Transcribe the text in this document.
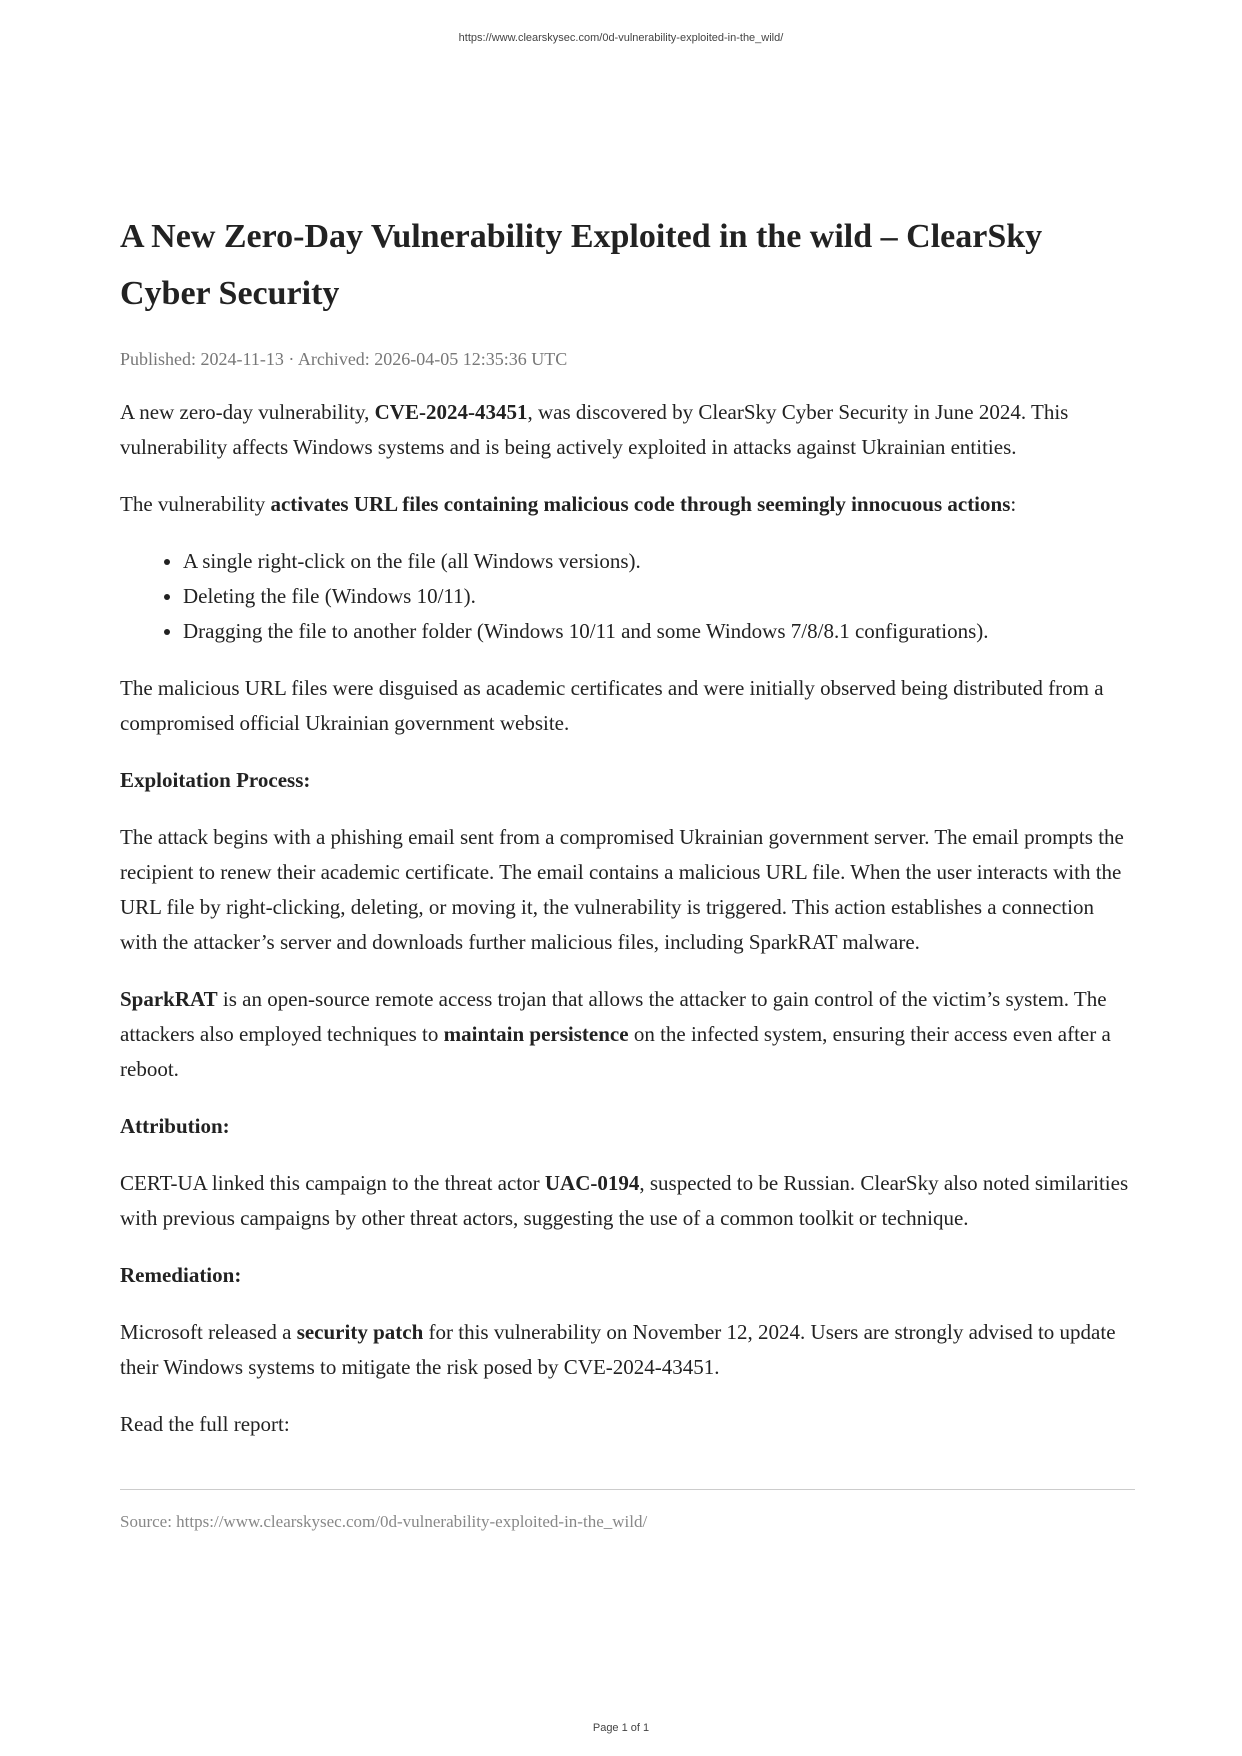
https://www.clearskysec.com/0d-vulnerability-exploited-in-the_wild/
A New Zero-Day Vulnerability Exploited in the wild – ClearSky Cyber Security
Published: 2024-11-13 · Archived: 2026-04-05 12:35:36 UTC

A new zero-day vulnerability, CVE-2024-43451, was discovered by ClearSky Cyber Security in June 2024. This vulnerability affects Windows systems and is being actively exploited in attacks against Ukrainian entities.

The vulnerability activates URL files containing malicious code through seemingly innocuous actions:

• A single right-click on the file (all Windows versions).
• Deleting the file (Windows 10/11).
• Dragging the file to another folder (Windows 10/11 and some Windows 7/8/8.1 configurations).

The malicious URL files were disguised as academic certificates and were initially observed being distributed from a compromised official Ukrainian government website.

Exploitation Process:

The attack begins with a phishing email sent from a compromised Ukrainian government server. The email prompts the recipient to renew their academic certificate. The email contains a malicious URL file. When the user interacts with the URL file by right-clicking, deleting, or moving it, the vulnerability is triggered. This action establishes a connection with the attacker’s server and downloads further malicious files, including SparkRAT malware.

SparkRAT is an open-source remote access trojan that allows the attacker to gain control of the victim’s system. The attackers also employed techniques to maintain persistence on the infected system, ensuring their access even after a reboot.

Attribution:

CERT-UA linked this campaign to the threat actor UAC-0194, suspected to be Russian. ClearSky also noted similarities with previous campaigns by other threat actors, suggesting the use of a common toolkit or technique.

Remediation:

Microsoft released a security patch for this vulnerability on November 12, 2024. Users are strongly advised to update their Windows systems to mitigate the risk posed by CVE-2024-43451.

Read the full report:

Source: https://www.clearskysec.com/0d-vulnerability-exploited-in-the_wild/
Page 1 of 1
